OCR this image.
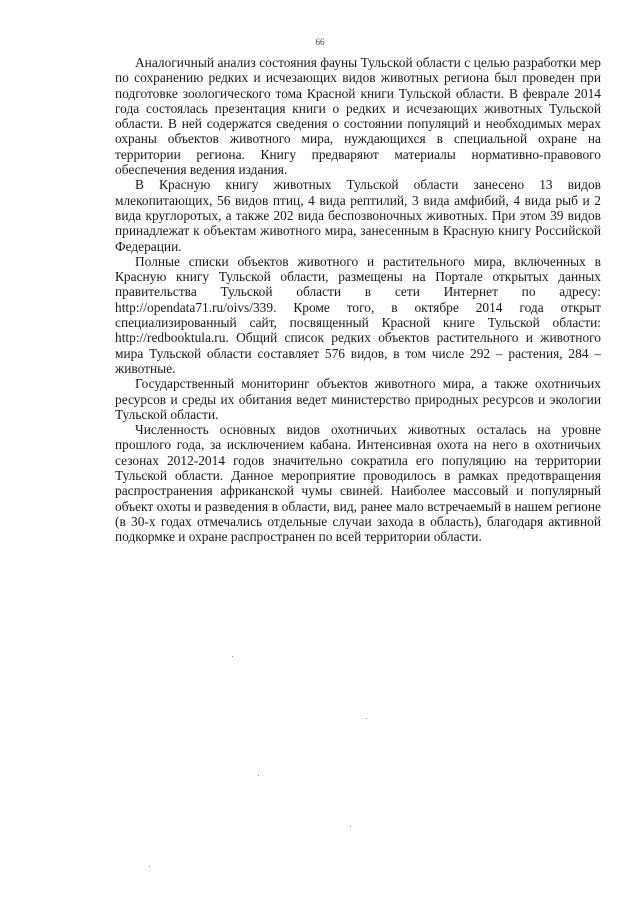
66

Аналогичный анализ состояния фауны Тульской области с целью разработки мер по сохранению редких и исчезающих видов животных региона был проведен при подготовке зоологического тома Красной книги Тульской области. В феврале 2014 года состоялась презентация книги о редких и исчезающих животных Тульской области. В ней содержатся сведения о состоянии популяций и необходимых мерах охраны объектов животного мира, нуждающихся в специальной охране на территории региона. Книгу предваряют материалы нормативно-правового обеспечения ведения издания.

В Красную книгу животных Тульской области занесено 13 видов млекопитающих, 56 видов птиц, 4 вида рептилий, 3 вида амфибий, 4 вида рыб и 2 вида круглоротых, а также 202 вида беспозвоночных животных. При этом 39 видов принадлежат к объектам животного мира, занесенным в Красную книгу Российской Федерации.

Полные списки объектов животного и растительного мира, включенных в Красную книгу Тульской области, размещены на Портале открытых данных правительства Тульской области в сети Интернет по адресу: http://opendata71.ru/oivs/339. Кроме того, в октябре 2014 года открыт специализированный сайт, посвященный Красной книге Тульской области: http://redbooktula.ru. Общий список редких объектов растительного и животного мира Тульской области составляет 576 видов, в том числе 292 – растения, 284 – животные.

Государственный мониторинг объектов животного мира, а также охотничьих ресурсов и среды их обитания ведет министерство природных ресурсов и экологии Тульской области.

Численность основных видов охотничьих животных осталась на уровне прошлого года, за исключением кабана. Интенсивная охота на него в охотничьих сезонах 2012-2014 годов значительно сократила его популяцию на территории Тульской области. Данное мероприятие проводилось в рамках предотвращения распространения африканской чумы свиней. Наиболее массовый и популярный объект охоты и разведения в области, вид, ранее мало встречаемый в нашем регионе (в 30-х годах отмечались отдельные случаи захода в область), благодаря активной подкормке и охране распространен по всей территории области.
